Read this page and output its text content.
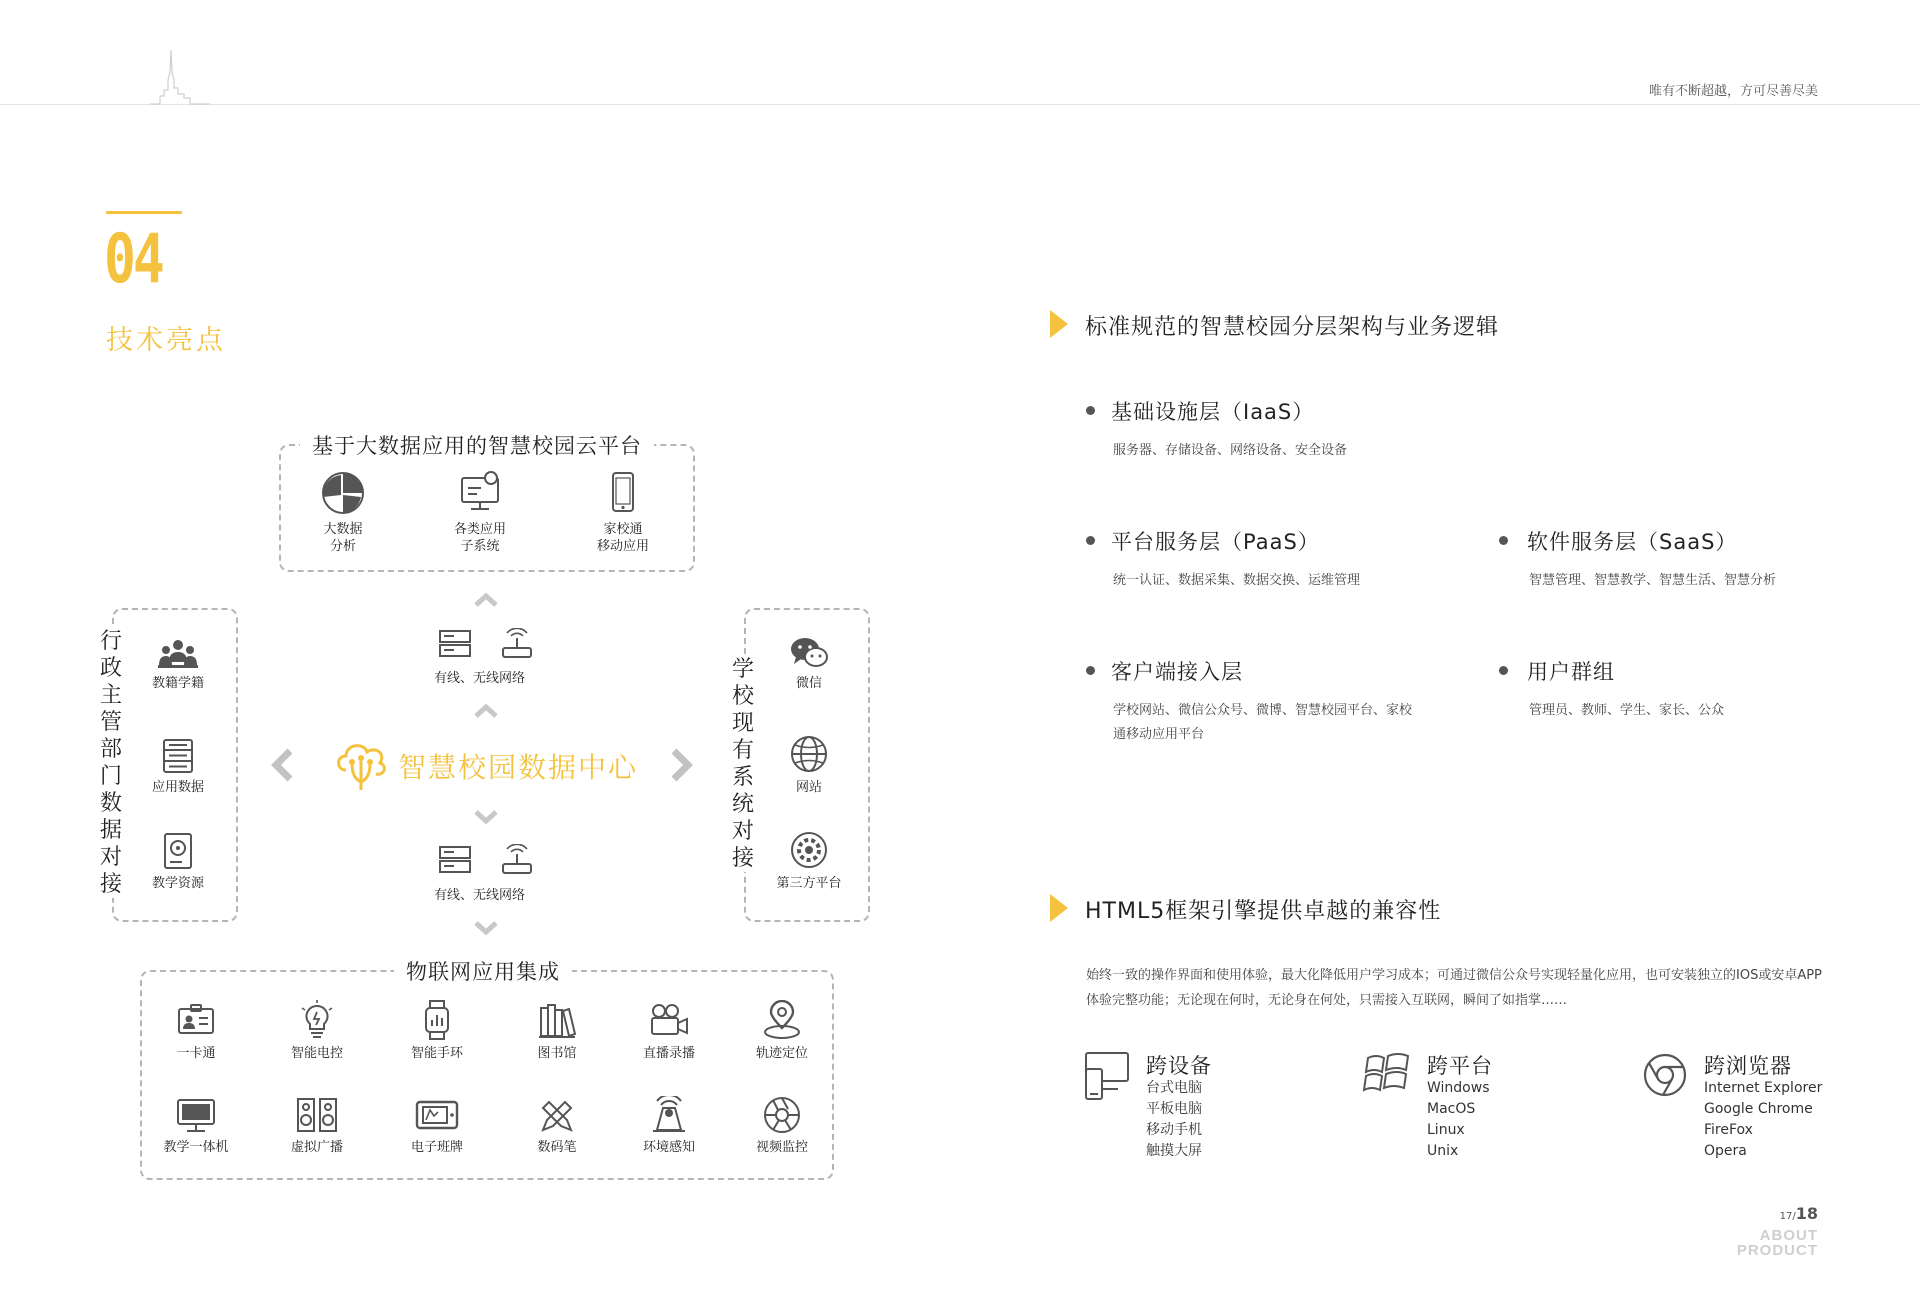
唯有不断超越，方可尽善尽美
04
技术亮点
基于大数据应用的智慧校园云平台
大数据
分析
各类应用
子系统
家校通
移动应用
有线、无线网络
智慧校园数据中心
有线、无线网络
行政主管部门数据对接
教籍学籍
应用数据
教学资源
学校现有系统对接
微信
网站
第三方平台
物联网应用集成
一卡通	智能电控	智能手环	图书馆	直播录播	轨迹定位
教学一体机	虚拟广播	电子班牌	数码笔	环境感知	视频监控
标准规范的智慧校园分层架构与业务逻辑
基础设施层（IaaS）
服务器、存储设备、网络设备、安全设备
平台服务层（PaaS）
统一认证、数据采集、数据交换、运维管理
软件服务层（SaaS）
智慧管理、智慧教学、智慧生活、智慧分析
客户端接入层
学校网站、微信公众号、微博、智慧校园平台、家校通移动应用平台
用户群组
管理员、教师、学生、家长、公众
HTML5框架引擎提供卓越的兼容性
始终一致的操作界面和使用体验，最大化降低用户学习成本；可通过微信公众号实现轻量化应用，也可安装独立的IOS或安卓APP体验完整功能；无论现在何时，无论身在何处，只需接入互联网，瞬间了如指掌……
跨设备
台式电脑
平板电脑
移动手机
触摸大屏
跨平台
Windows
MacOS
Linux
Unix
跨浏览器
Internet Explorer
Google Chrome
FireFox
Opera
17/18
ABOUT
PRODUCT
